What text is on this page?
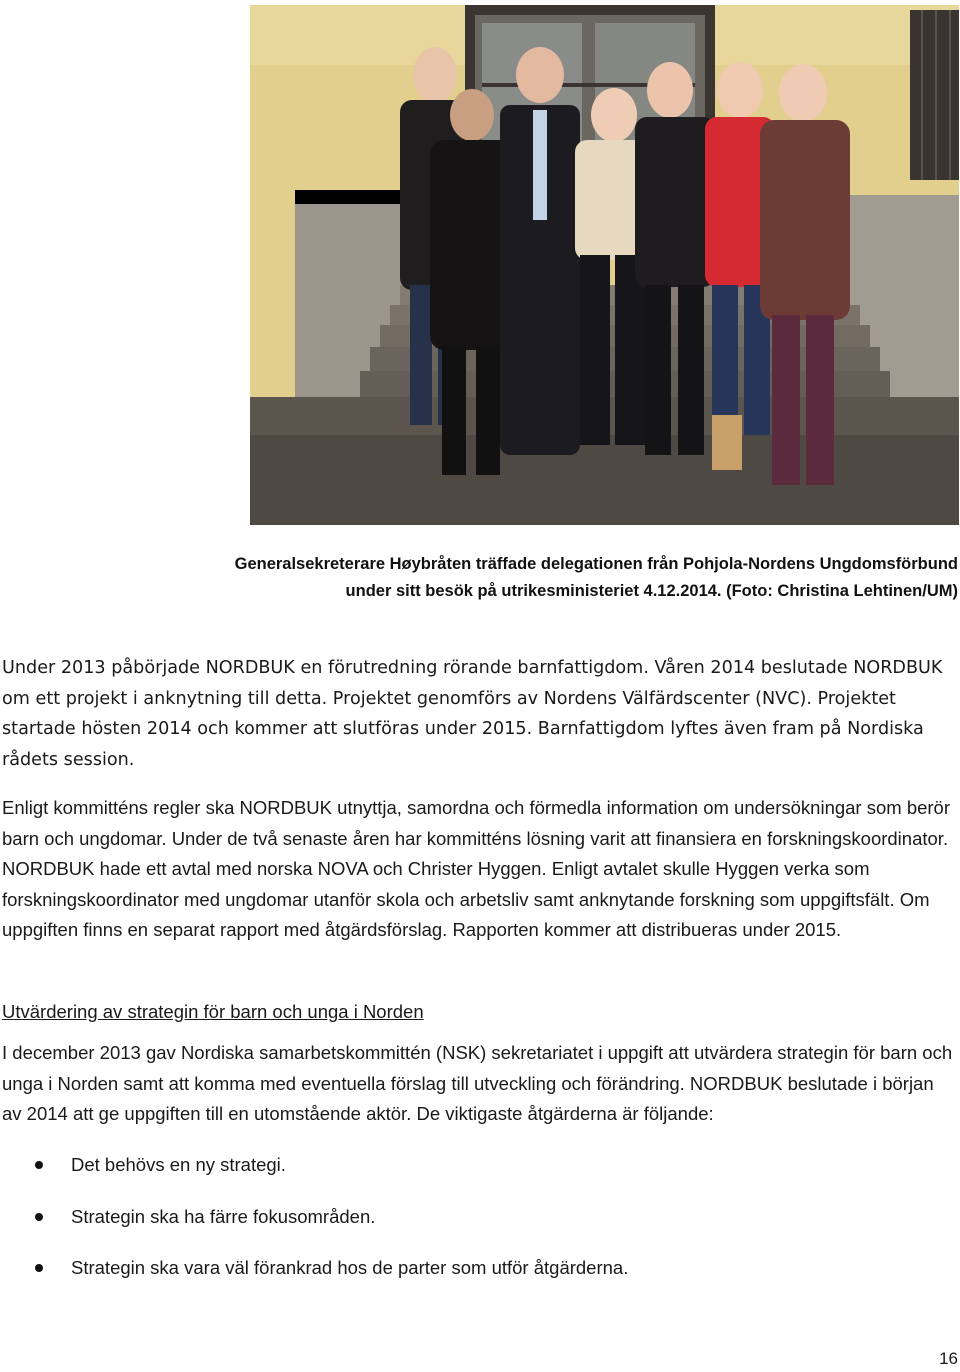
Generalsekreterare Høybråten träffade delegationen från Pohjola-Nordens Ungdomsförbund
under sitt besök på utrikesministeriet 4.12.2014. (Foto: Christina Lehtinen/UM)
Under 2013 påbörjade NORDBUK en förutredning rörande barnfattigdom. Våren 2014 beslutade NORDBUK om ett projekt i anknytning till detta. Projektet genomförs av Nordens Välfärdscenter (NVC). Projektet startade hösten 2014 och kommer att slutföras under 2015. Barnfattigdom lyftes även fram på Nordiska rådets session.
Enligt kommitténs regler ska NORDBUK utnyttja, samordna och förmedla information om undersökningar som berör barn och ungdomar. Under de två senaste åren har kommitténs lösning varit att finansiera en forskningskoordinator. NORDBUK hade ett avtal med norska NOVA och Christer Hyggen. Enligt avtalet skulle Hyggen verka som forskningskoordinator med ungdomar utanför skola och arbetsliv samt anknytande forskning som uppgiftsfält. Om uppgiften finns en separat rapport med åtgärdsförslag. Rapporten kommer att distribueras under 2015.
Utvärdering av strategin för barn och unga i Norden
I december 2013 gav Nordiska samarbetskommittén (NSK) sekretariatet i uppgift att utvärdera strategin för barn och unga i Norden samt att komma med eventuella förslag till utveckling och förändring. NORDBUK beslutade i början av 2014 att ge uppgiften till en utomstående aktör. De viktigaste åtgärderna är följande:
Det behövs en ny strategi.
Strategin ska ha färre fokusområden.
Strategin ska vara väl förankrad hos de parter som utför åtgärderna.
16
